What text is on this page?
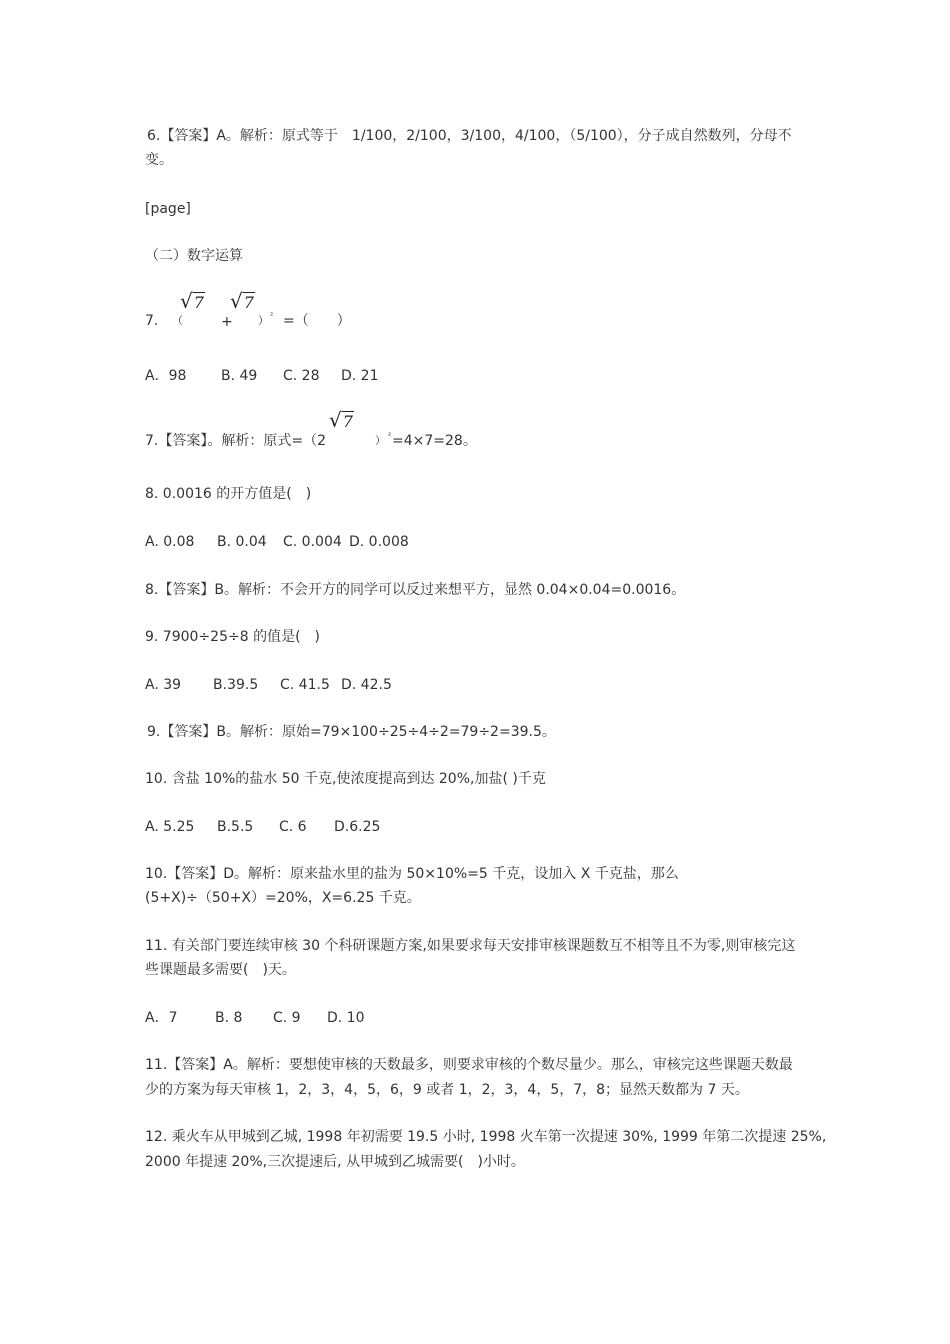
6.【答案】A。解析：原式等于　1/100，2/100，3/100，4/100，（5/100），分子成自然数列，分母不
变。
[page]
（二）数字运算
7. （
√7
+
√7
） ² =（　　）
A．98 B. 49 C. 28 D. 21
7.【答案】。解析：原式=（2
√7
） ² =4×7=28。
8. 0.0016 的开方值是(　)
A. 0.08 B. 0.04 C. 0.004 D. 0.008
8.【答案】B。解析：不会开方的同学可以反过来想平方，显然 0.04×0.04=0.0016。
9. 7900÷25÷8 的值是(　)
A. 39 B.39.5 C. 41.5 D. 42.5
9.【答案】B。解析：原始=79×100÷25÷4÷2=79÷2=39.5。
10. 含盐 10%的盐水 50 千克,使浓度提高到达 20%,加盐( )千克
A. 5.25 B.5.5 C. 6 D.6.25
10.【答案】D。解析：原来盐水里的盐为 50×10%=5 千克，设加入 X 千克盐，那么
(5+X)÷（50+X）=20%，X=6.25 千克。
11. 有关部门要连续审核 30 个科研课题方案,如果要求每天安排审核课题数互不相等且不为零,则审核完这
些课题最多需要(　)天。
A．7	B. 8 C. 9 D. 10
11.【答案】A。解析：要想使审核的天数最多，则要求审核的个数尽量少。那么，审核完这些课题天数最
少的方案为每天审核 1，2，3，4，5，6，9 或者 1，2，3，4，5，7，8；显然天数都为 7 天。
12. 乘火车从甲城到乙城, 1998 年初需要 19.5 小时, 1998 火车第一次提速 30%, 1999 年第二次提速 25%,
2000 年提速 20%,三次提速后, 从甲城到乙城需要(　)小时。
